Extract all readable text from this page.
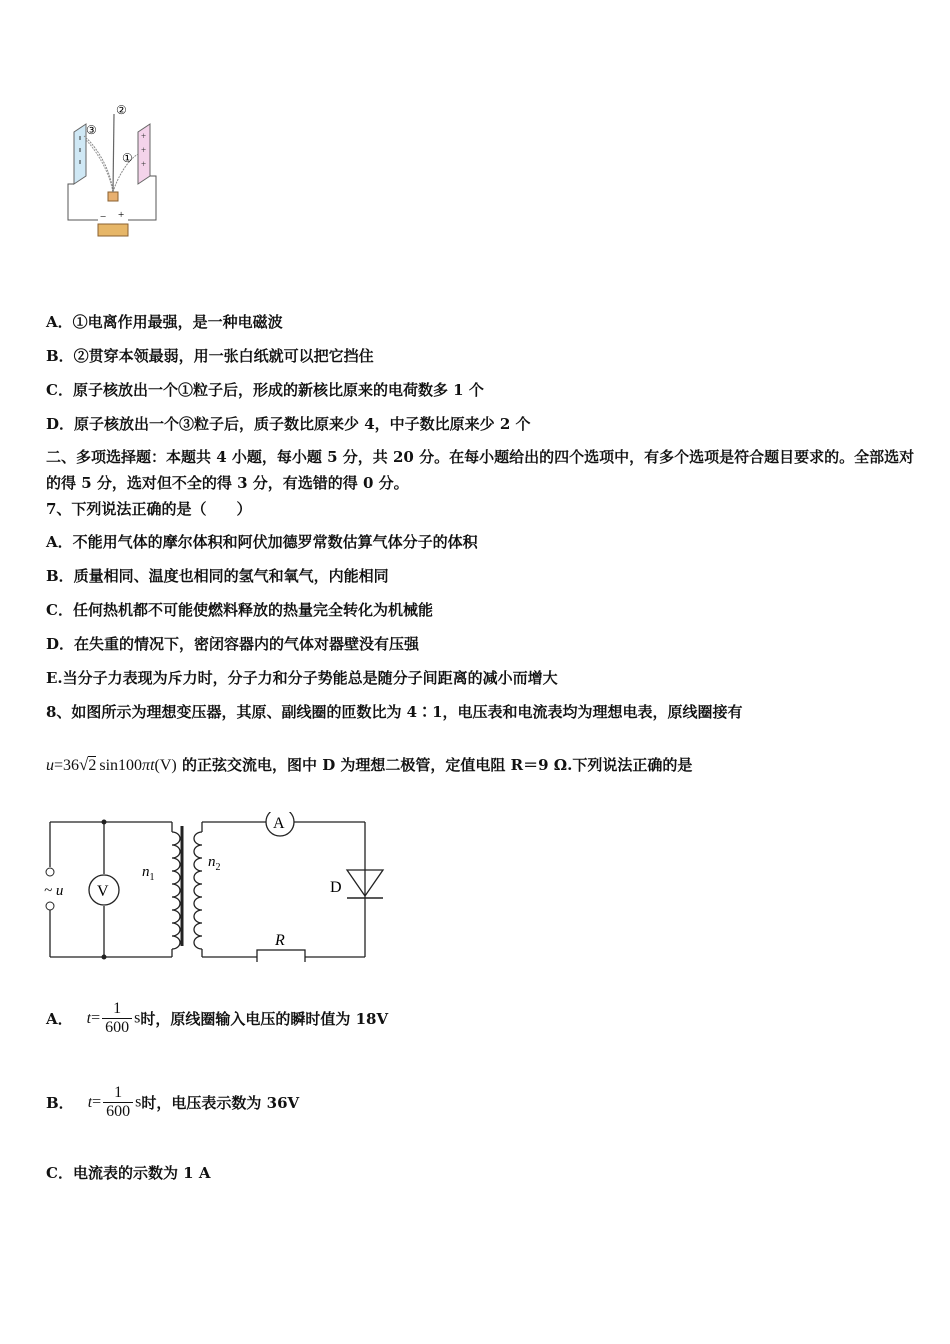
+
+
+
②
③
①
− +
A．①电离作用最强，是一种电磁波
B．②贯穿本领最弱，用一张白纸就可以把它挡住
C．原子核放出一个①粒子后，形成的新核比原来的电荷数多 1 个
D．原子核放出一个③粒子后，质子数比原来少 4，中子数比原来少 2 个
二、多项选择题：本题共 4 小题，每小题 5 分，共 20 分。在每小题给出的四个选项中，有多个选项是符合题目要求的。全部选对的得 5 分，选对但不全的得 3 分，有选错的得 0 分。
7、下列说法正确的是（　　）
A．不能用气体的摩尔体积和阿伏加德罗常数估算气体分子的体积
B．质量相同、温度也相同的氢气和氧气，内能相同
C．任何热机都不可能使燃料释放的热量完全转化为机械能
D．在失重的情况下，密闭容器内的气体对器壁没有压强
E.当分子力表现为斥力时，分子力和分子势能总是随分子间距离的减小而增大
8、如图所示为理想变压器，其原、副线圈的匝数比为 4∶1，电压表和电流表均为理想电表，原线圈接有
u=36√2 sin100πt(V) 的正弦交流电，图中 D 为理想二极管，定值电阻 R＝9 Ω.下列说法正确的是
~ u V
$n_1$
$n_2$
A
D
R
A． $t= \frac{1}{600}$ s时，原线圈输入电压的瞬时值为 18V
B． $t= \frac{1}{600}$ s时，电压表示数为 36V
C．电流表的示数为 1 A
